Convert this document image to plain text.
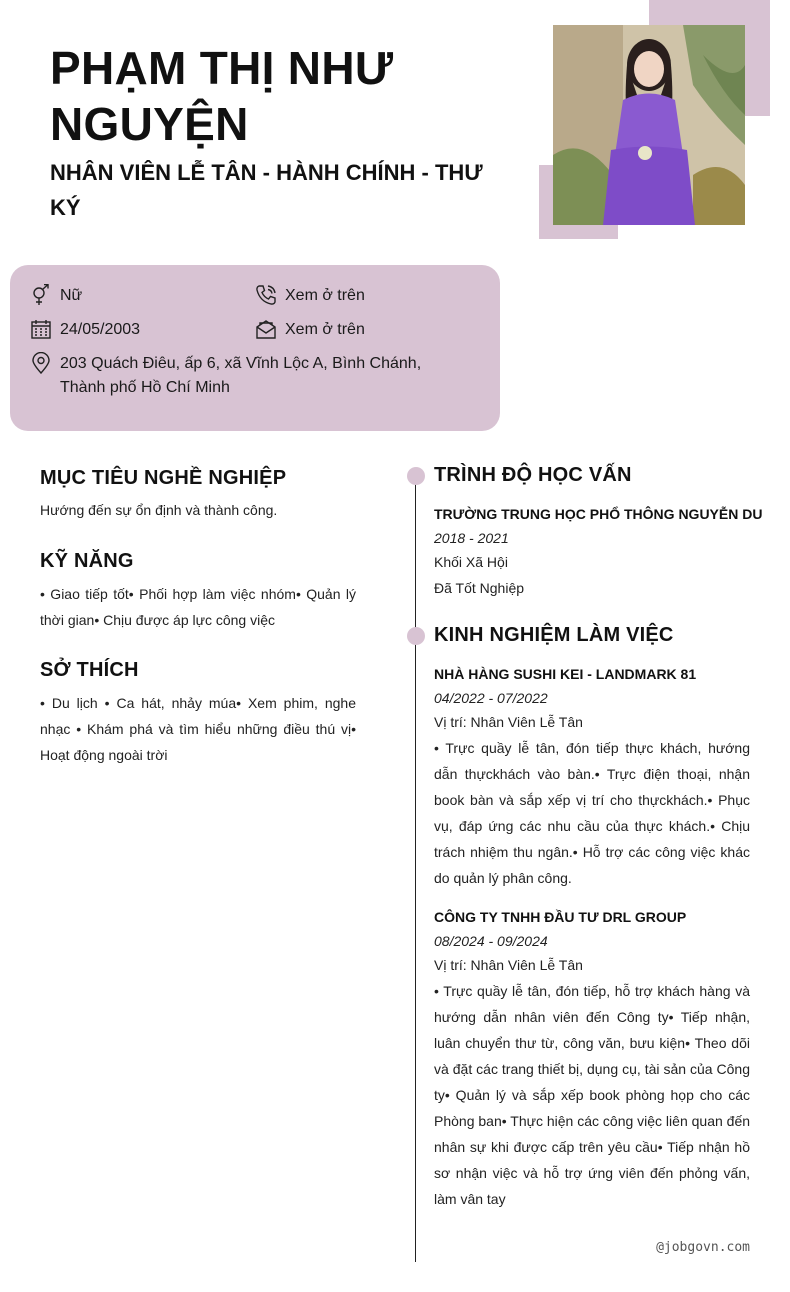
PHẠM THỊ NHƯ NGUYỆN
NHÂN VIÊN LỄ TÂN - HÀNH CHÍNH - THƯ KÝ
Nữ	Xem ở trên
24/05/2003	Xem ở trên
203 Quách Điêu, ấp 6, xã Vĩnh Lộc A, Bình Chánh, Thành phố Hồ Chí Minh
MỤC TIÊU NGHỀ NGHIỆP
Hướng đến sự ổn định và thành công.
KỸ NĂNG
• Giao tiếp tốt• Phối hợp làm việc nhóm• Quản lý thời gian• Chịu được áp lực công việc
SỞ THÍCH
• Du lịch • Ca hát, nhảy múa• Xem phim, nghe nhạc • Khám phá và tìm hiểu những điều thú vị• Hoạt động ngoài trời
TRÌNH ĐỘ HỌC VẤN
TRƯỜNG TRUNG HỌC PHỔ THÔNG NGUYỄN DU
2018 - 2021
Khối Xã Hội
Đã Tốt Nghiệp
KINH NGHIỆM LÀM VIỆC
NHÀ HÀNG SUSHI KEI - LANDMARK 81
04/2022 - 07/2022
Vị trí: Nhân Viên Lễ Tân
• Trực quầy lễ tân, đón tiếp thực khách, hướng dẫn thựckhách vào bàn.• Trực điện thoại, nhận book bàn và sắp xếp vị trí cho thựckhách.• Phục vụ, đáp ứng các nhu cầu của thực khách.• Chịu trách nhiệm thu ngân.• Hỗ trợ các công việc khác do quản lý phân công.
CÔNG TY TNHH ĐẦU TƯ DRL GROUP
08/2024 - 09/2024
Vị trí: Nhân Viên Lễ Tân
• Trực quầy lễ tân, đón tiếp, hỗ trợ khách hàng và hướng dẫn nhân viên đến Công ty• Tiếp nhận, luân chuyển thư từ, công văn, bưu kiện• Theo dõi và đặt các trang thiết bị, dụng cụ, tài sản của Công ty• Quản lý và sắp xếp book phòng họp cho các Phòng ban• Thực hiện các công việc liên quan đến nhân sự khi được cấp trên yêu cầu• Tiếp nhận hồ sơ nhận việc và hỗ trợ ứng viên đến phỏng vấn, làm vân tay
@jobgovn.com
